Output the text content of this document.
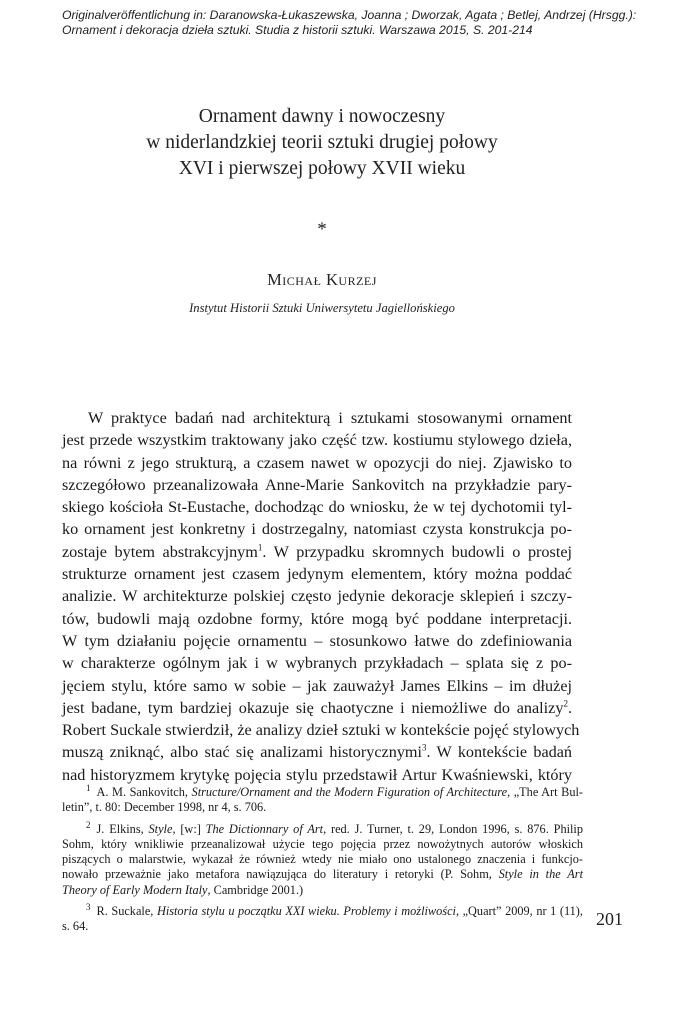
Originalveröffentlichung in: Daranowska-Łukaszewska, Joanna ; Dworzak, Agata ; Betlej, Andrzej (Hrsgg.):
Ornament i dekoracja dzieła sztuki. Studia z historii sztuki. Warszawa 2015, S. 201-214
Ornament dawny i nowoczesny
w niderlandzkiej teorii sztuki drugiej połowy
XVI i pierwszej połowy XVII wieku
*
Michał Kurzej
Instytut Historii Sztuki Uniwersytetu Jagiellońskiego
W praktyce badań nad architekturą i sztukami stosowanymi ornament
jest przede wszystkim traktowany jako część tzw. kostiumu stylowego dzieła,
na równi z jego strukturą, a czasem nawet w opozycji do niej. Zjawisko to
szczegółowo przeanalizowała Anne-Marie Sankovitch na przykładzie pary-
skiego kościoła St-Eustache, dochodząc do wniosku, że w tej dychotomii tyl-
ko ornament jest konkretny i dostrzegalny, natomiast czysta konstrukcja po-
zostaje bytem abstrakcyjnym$^1$. W przypadku skromnych budowli o prostej
strukturze ornament jest czasem jedynym elementem, który można poddać
analizie. W architekturze polskiej często jedynie dekoracje sklepień i szczy-
tów, budowli mają ozdobne formy, które mogą być poddane interpretacji.
W tym działaniu pojęcie ornamentu – stosunkowo łatwe do zdefiniowania
w charakterze ogólnym jak i w wybranych przykładach – splata się z po-
jęciem stylu, które samo w sobie – jak zauważył James Elkins – im dłużej
jest badane, tym bardziej okazuje się chaotyczne i niemożliwe do analizy$^2$.
Robert Suckale stwierdził, że analizy dzieł sztuki w kontekście pojęć stylowych
muszą zniknąć, albo stać się analizami historycznymi$^3$. W kontekście badań
nad historyzmem krytykę pojęcia stylu przedstawił Artur Kwaśniewski, który
$^1$ A. M. Sankovitch, Structure/Ornament and the Modern Figuration of Architecture, „The Art Bul-
letin”, t. 80: December 1998, nr 4, s. 706.
$^2$ J. Elkins, Style, [w:] The Dictionnary of Art, red. J. Turner, t. 29, London 1996, s. 876. Philip
Sohm, który wnikliwie przeanalizował użycie tego pojęcia przez nowożytnych autorów włoskich
piszących o malarstwie, wykazał że również wtedy nie miało ono ustalonego znaczenia i funkcjo-
nowało przeważnie jako metafora nawiązująca do literatury i retoryki (P. Sohm, Style in the Art
Theory of Early Modern Italy, Cambridge 2001.)
$^3$ R. Suckale, Historia stylu u początku XXI wieku. Problemy i możliwości, „Quart” 2009, nr 1 (11),
s. 64.	201
